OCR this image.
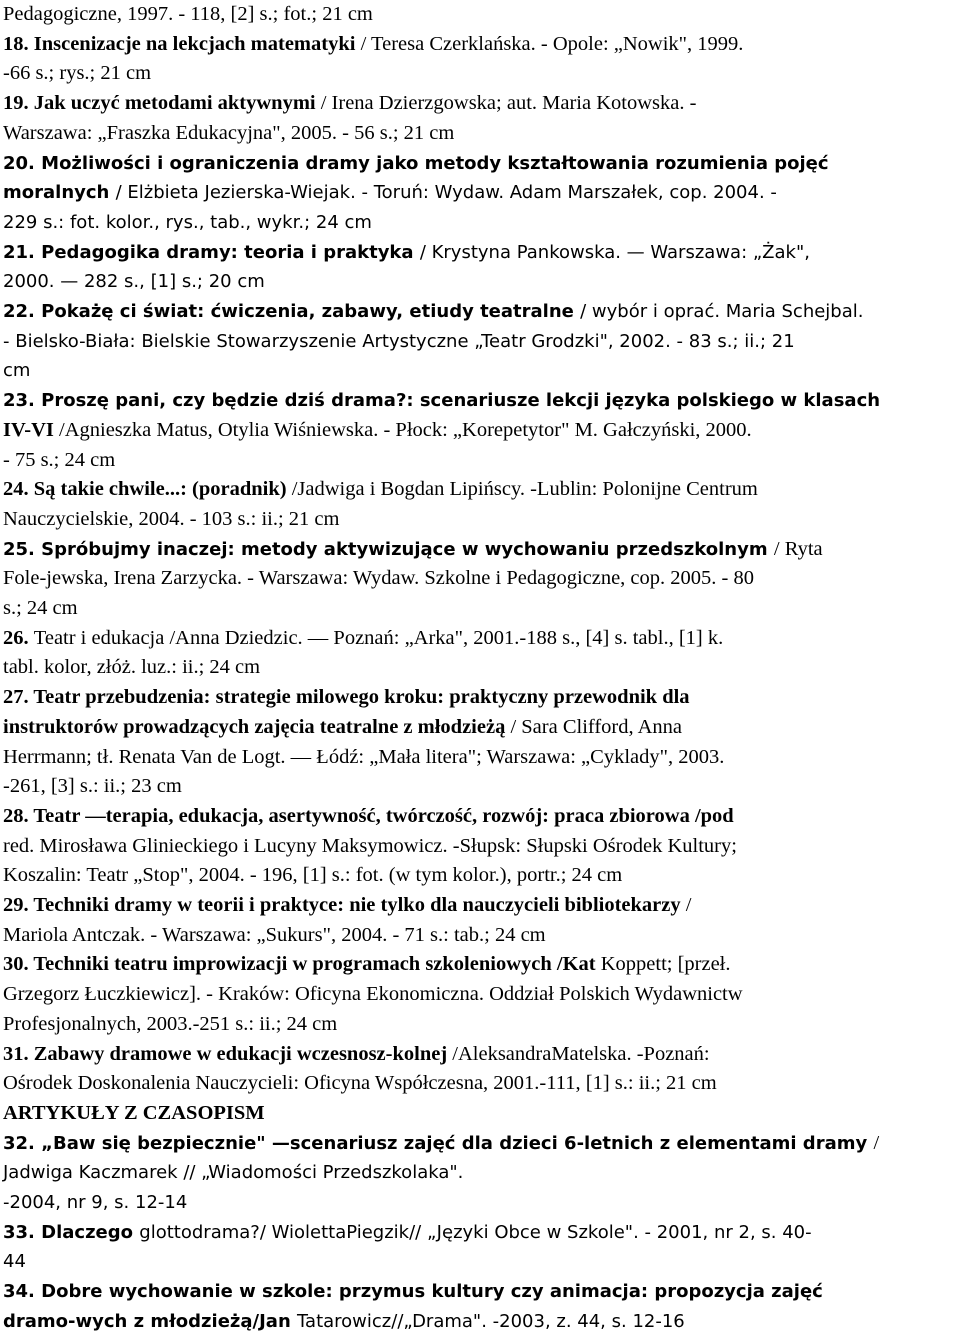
Pedagogiczne, 1997. - 118, [2] s.; fot.; 21 cm
18. Inscenizacje na lekcjach matematyki / Teresa Czerklańska. - Opole: „Nowik", 1999.
-66 s.; rys.; 21 cm
19. Jak uczyć metodami aktywnymi / Irena Dzierzgowska; aut. Maria Kotowska. -
Warszawa: „Fraszka Edukacyjna", 2005. - 56 s.; 21 cm
20. Możliwości i ograniczenia dramy jako metody kształtowania rozumienia pojęć
moralnych / Elżbieta Jezierska-Wiejak. - Toruń: Wydaw. Adam Marszałek, cop. 2004. -
229 s.: fot. kolor., rys., tab., wykr.; 24 cm
21. Pedagogika dramy: teoria i praktyka / Krystyna Pankowska. — Warszawa: „Żak",
2000. — 282 s., [1] s.; 20 cm
22. Pokażę ci świat: ćwiczenia, zabawy, etiudy teatralne / wybór i oprać. Maria Schejbal.
- Bielsko-Biała: Bielskie Stowarzyszenie Artystyczne „Teatr Grodzki", 2002. - 83 s.; ii.; 21
cm
23. Proszę pani, czy będzie dziś drama?: scenariusze lekcji języka polskiego w klasach
IV-VI /Agnieszka Matus, Otylia Wiśniewska. - Płock: „Korepetytor" M. Gałczyński, 2000.
- 75 s.; 24 cm
24. Są takie chwile...: (poradnik) /Jadwiga i Bogdan Lipińscy. -Lublin: Polonijne Centrum
Nauczycielskie, 2004. - 103 s.: ii.; 21 cm
25. Spróbujmy inaczej: metody aktywizujące w wychowaniu przedszkolnym / Ryta
Fole-jewska, Irena Zarzycka. - Warszawa: Wydaw. Szkolne i Pedagogiczne, cop. 2005. - 80
s.; 24 cm
26. Teatr i edukacja /Anna Dziedzic. — Poznań: „Arka", 2001.-188 s., [4] s. tabl., [1] k.
tabl. kolor, złóż. luz.: ii.; 24 cm
27. Teatr przebudzenia: strategie milowego kroku: praktyczny przewodnik dla
instruktorów prowadzących zajęcia teatralne z młodzieżą / Sara Clifford, Anna
Herrmann; tł. Renata Van de Logt. — Łódź: „Mała litera"; Warszawa: „Cyklady", 2003.
-261, [3] s.: ii.; 23 cm
28. Teatr —terapia, edukacja, asertywność, twórczość, rozwój: praca zbiorowa /pod
red. Mirosława Glinieckiego i Lucyny Maksymowicz. -Słupsk: Słupski Ośrodek Kultury;
Koszalin: Teatr „Stop", 2004. - 196, [1] s.: fot. (w tym kolor.), portr.; 24 cm
29. Techniki dramy w teorii i praktyce: nie tylko dla nauczycieli bibliotekarzy /
Mariola Antczak. - Warszawa: „Sukurs", 2004. - 71 s.: tab.; 24 cm
30. Techniki teatru improwizacji w programach szkoleniowych /Kat Koppett; [przeł.
Grzegorz Łuczkiewicz]. - Kraków: Oficyna Ekonomiczna. Oddział Polskich Wydawnictw
Profesjonalnych, 2003.-251 s.: ii.; 24 cm
31. Zabawy dramowe w edukacji wczesnosz-kolnej /AleksandraMatelska. -Poznań:
Ośrodek Doskonalenia Nauczycieli: Oficyna Współczesna, 2001.-111, [1] s.: ii.; 21 cm
ARTYKUŁY Z CZASOPISM
32. „Baw się bezpiecznie" —scenariusz zajęć dla dzieci 6-letnich z elementami dramy /
Jadwiga Kaczmarek // „Wiadomości Przedszkolaka".
-2004, nr 9, s. 12-14
33. Dlaczego glottodrama?/ WiolettaPiegzik// „Języki Obce w Szkole". - 2001, nr 2, s. 40-
44
34. Dobre wychowanie w szkole: przymus kultury czy animacja: propozycja zajęć
dramo-wych z młodzieżą/Jan Tatarowicz//„Drama". -2003, z. 44, s. 12-16
